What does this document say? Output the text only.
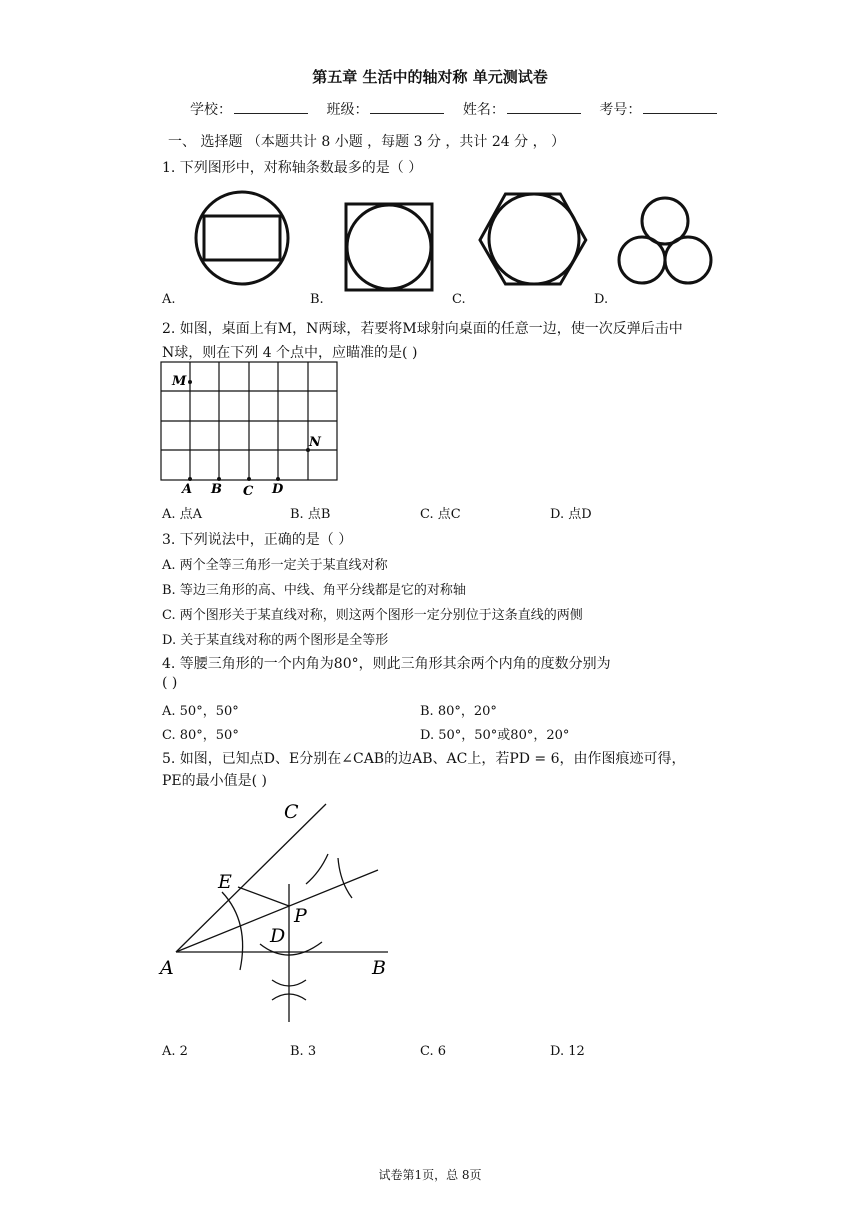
第五章 生活中的轴对称 单元测试卷
学校：	班级：	姓名：	考号：
一、 选择题 （本题共计 8 小题 ，每题 3 分 ，共计 24 分 ， ）
1. 下列图形中，对称轴条数最多的是（ ）
A.	B.	C.	D.
2. 如图，桌面上有M，N两球，若要将M球射向桌面的任意一边，使一次反弹后击中
N球，则在下列 4 个点中，应瞄准的是( )
M
N
A B C D
A. 点A	B. 点B	C. 点C	D. 点D
3. 下列说法中，正确的是（ ）
A. 两个全等三角形一定关于某直线对称
B. 等边三角形的高、中线、角平分线都是它的对称轴
C. 两个图形关于某直线对称，则这两个图形一定分别位于这条直线的两侧
D. 关于某直线对称的两个图形是全等形
4. 等腰三角形的一个内角为80°，则此三角形其余两个内角的度数分别为
( )
A. 50°，50°	B. 80°，20°
C. 80°，50°	D. 50°，50°或80°，20°
5. 如图，已知点D、E分别在∠CAB的边AB、AC上，若PD = 6，由作图痕迹可得，
PE的最小值是( )
C
E
P
D
A	B
A. 2	B. 3	C. 6	D. 12
试卷第1页，总 8页
